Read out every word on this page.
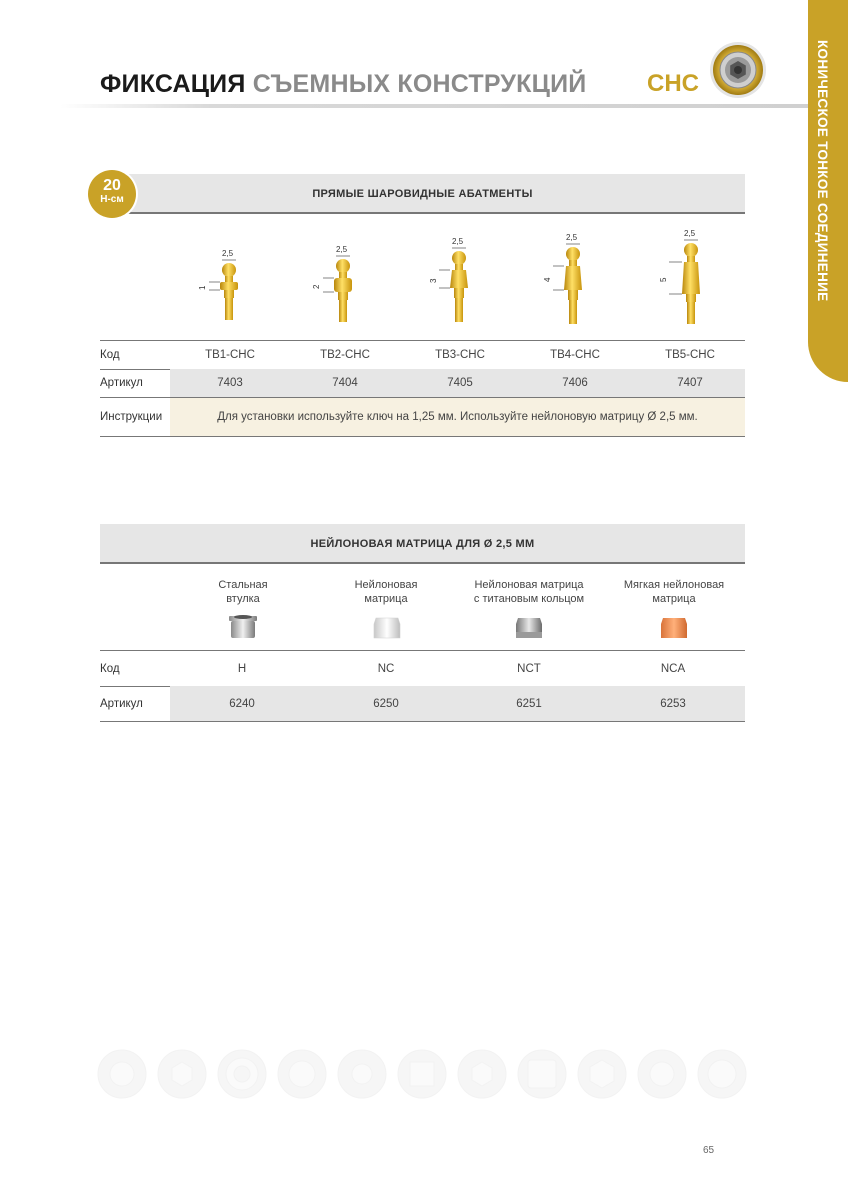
ФИКСАЦИЯ СЪЕМНЫХ КОНСТРУКЦИЙ	CHC	КОНИЧЕСКОЕ ТОНКОЕ СОЕДИНЕНИЕ
ПРЯМЫЕ ШАРОВИДНЫЕ АБАТМЕНТЫ
20
Н-см
2,5
1
2,5
2
2,5
3
2,5
4
2,5
5
Код	TB1-CHC	TB2-CHC	TB3-CHC	TB4-CHC	TB5-CHC
Артикул	7403	7404	7405	7406	7407
Инструкции	Для установки используйте ключ на 1,25 мм. Используйте нейлоновую матрицу Ø 2,5 мм.
НЕЙЛОНОВАЯ МАТРИЦА ДЛЯ Ø 2,5 ММ
Стальная
втулка
Нейлоновая
матрица
Нейлоновая матрица
с титановым кольцом
Мягкая нейлоновая
матрица
Код	H	NC	NCT	NCA
Артикул	6240	6250	6251	6253
65
